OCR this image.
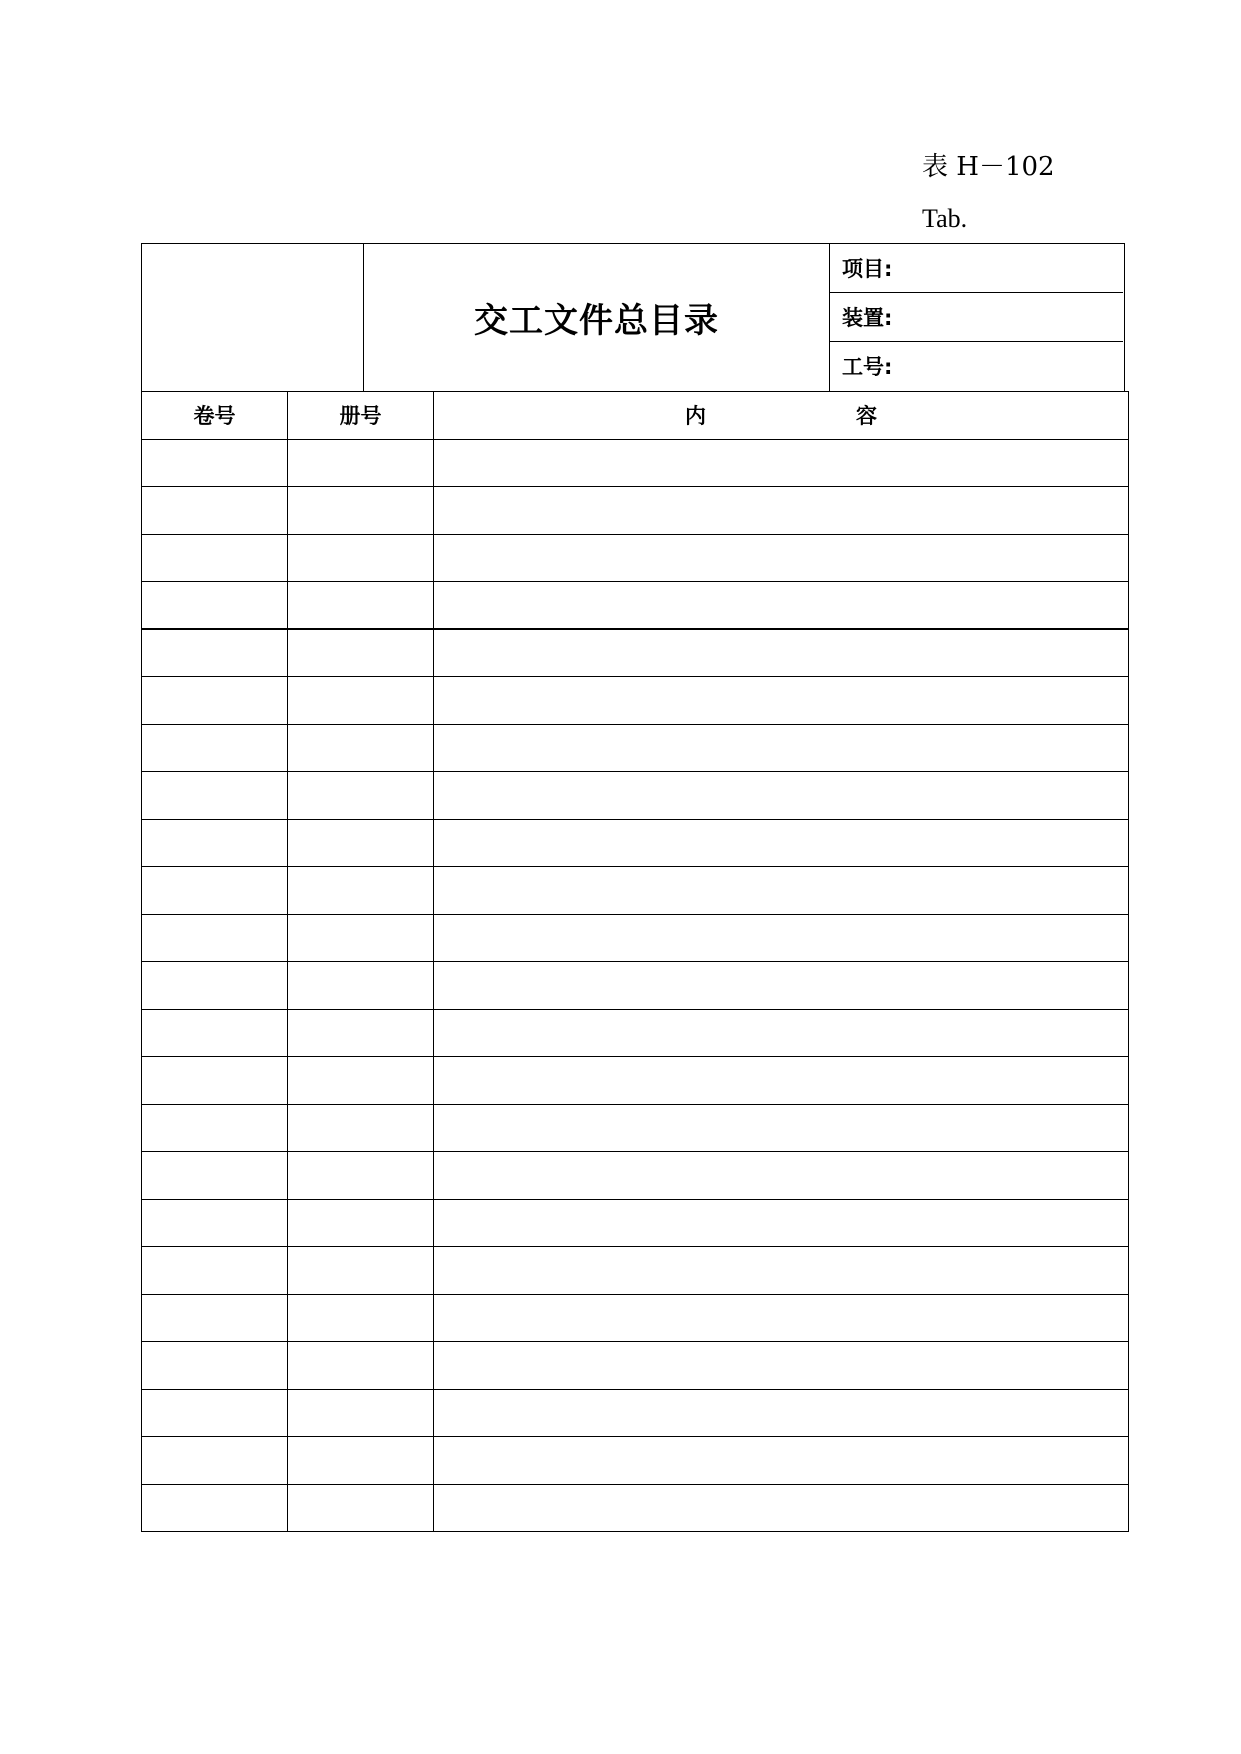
表 H－102
Tab.
交工文件总目录
项目:
装置:
工号:
卷号	册号	内 容
